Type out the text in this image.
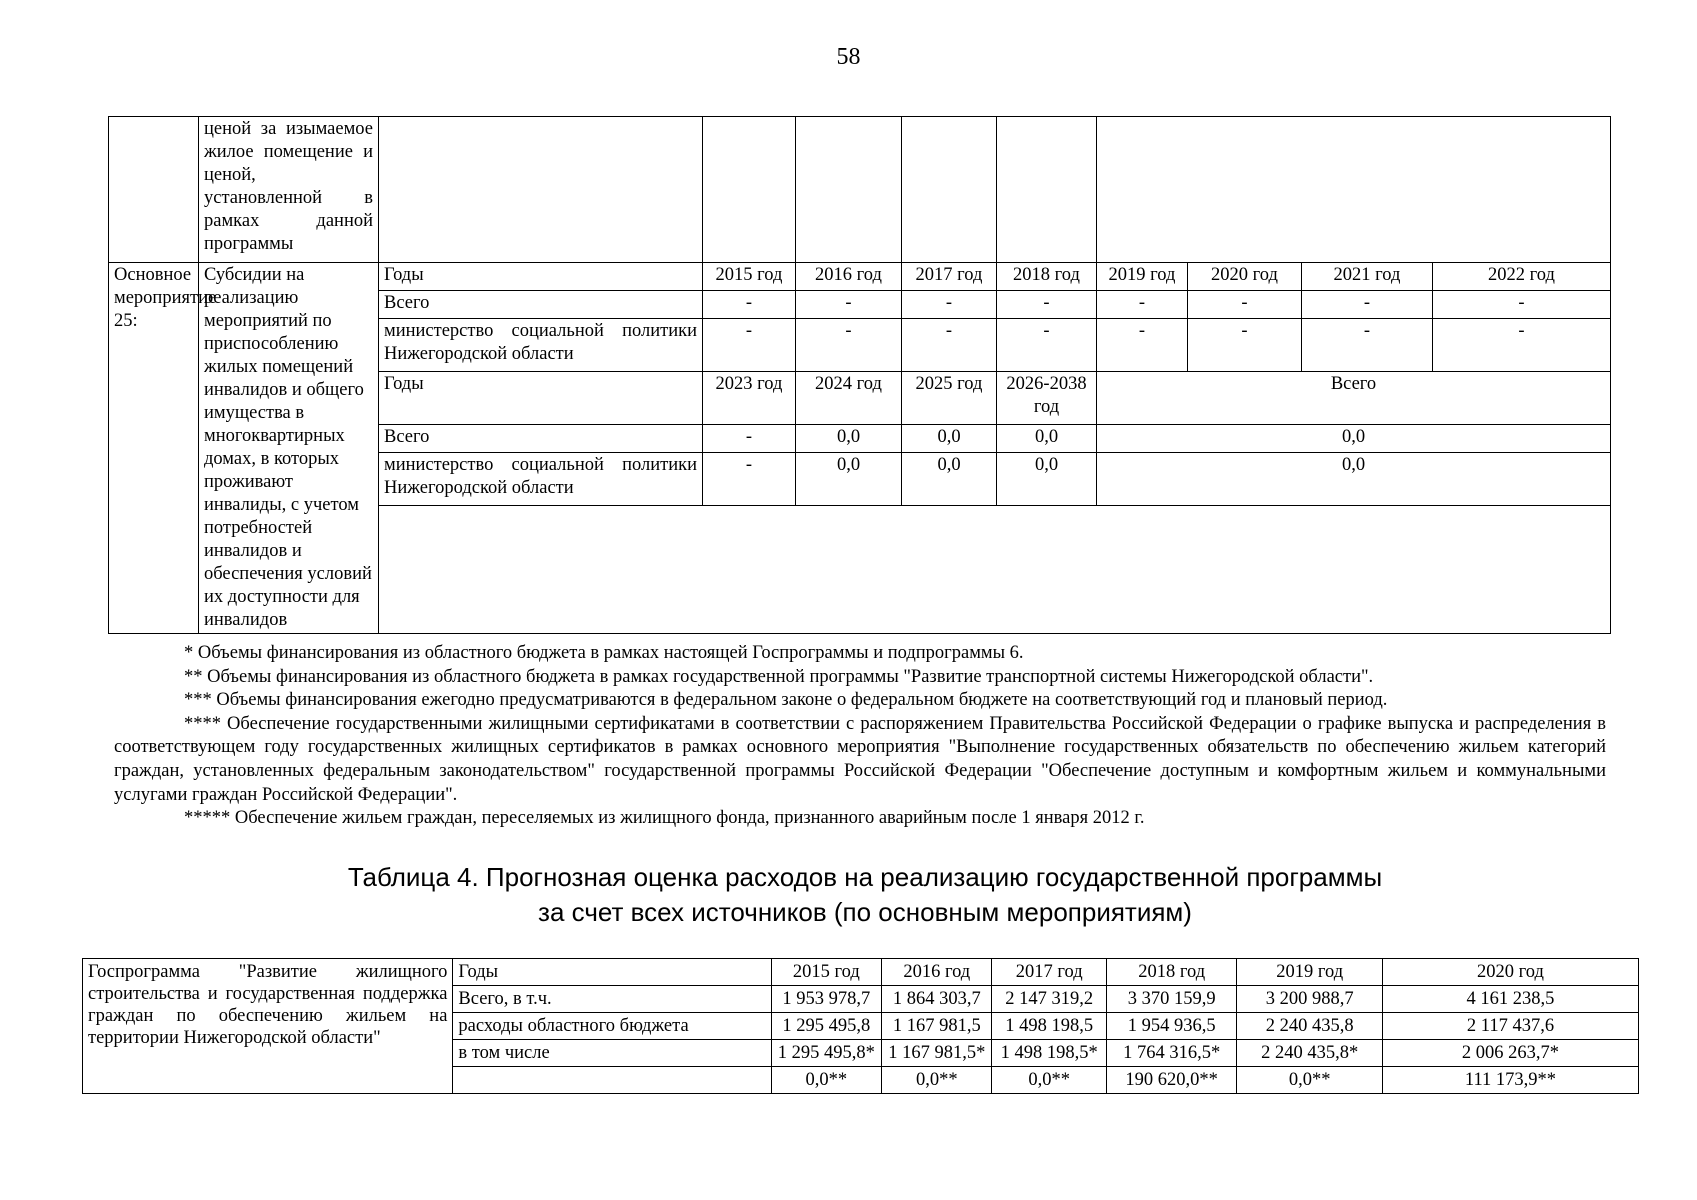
58
	ценой за изымаемое жилое помещение и ценой, установленной в рамках данной программы									
Основное мероприятие 25:	Субсидии на реализацию мероприятий по приспособлению жилых помещений инвалидов и общего имущества в многоквартирных домах, в которых проживают инвалиды, с учетом потребностей инвалидов и обеспечения условий их доступности для инвалидов	Годы	2015 год	2016 год	2017 год	2018 год	2019 год	2020 год	2021 год	2022 год
		Всего	-	-	-	-	-	-	-	-
		министерство социальной политики Нижегородской области	-	-	-	-	-	-	-	-
		Годы	2023 год	2024 год	2025 год	2026-2038 год	Всего			
		Всего	-	0,0	0,0	0,0	0,0			
		министерство социальной политики Нижегородской области	-	0,0	0,0	0,0	0,0			

* Объемы финансирования из областного бюджета в рамках настоящей Госпрограммы и подпрограммы 6.

** Объемы финансирования из областного бюджета в рамках государственной программы "Развитие транспортной системы Нижегородской области".

*** Объемы финансирования ежегодно предусматриваются в федеральном законе о федеральном бюджете на соответствующий год и плановый период.

**** Обеспечение государственными жилищными сертификатами в соответствии с распоряжением Правительства Российской Федерации о графике выпуска и распределения в соответствующем году государственных жилищных сертификатов в рамках основного мероприятия "Выполнение государственных обязательств по обеспечению жильем категорий граждан, установленных федеральным законодательством" государственной программы Российской Федерации "Обеспечение доступным и комфортным жильем и коммунальными услугами граждан Российской Федерации".

***** Обеспечение жильем граждан, переселяемых из жилищного фонда, признанного аварийным после 1 января 2012 г.

Таблица 4. Прогнозная оценка расходов на реализацию государственной программы
за счет всех источников (по основным мероприятиям)
Госпрограмма "Развитие жилищного строительства и государственная поддержка граждан по обеспечению жильем на территории Нижегородской области"	Годы	2015 год	2016 год	2017 год	2018 год	2019 год	2020 год
	Всего, в т.ч.	1 953 978,7	1 864 303,7	2 147 319,2	3 370 159,9	3 200 988,7	4 161 238,5
	расходы областного бюджета	1 295 495,8	1 167 981,5	1 498 198,5	1 954 936,5	2 240 435,8	2 117 437,6
	в том числе	1 295 495,8*	1 167 981,5*	1 498 198,5*	1 764 316,5*	2 240 435,8*	2 006 263,7*
		0,0**	0,0**	0,0**	190 620,0**	0,0**	111 173,9**
